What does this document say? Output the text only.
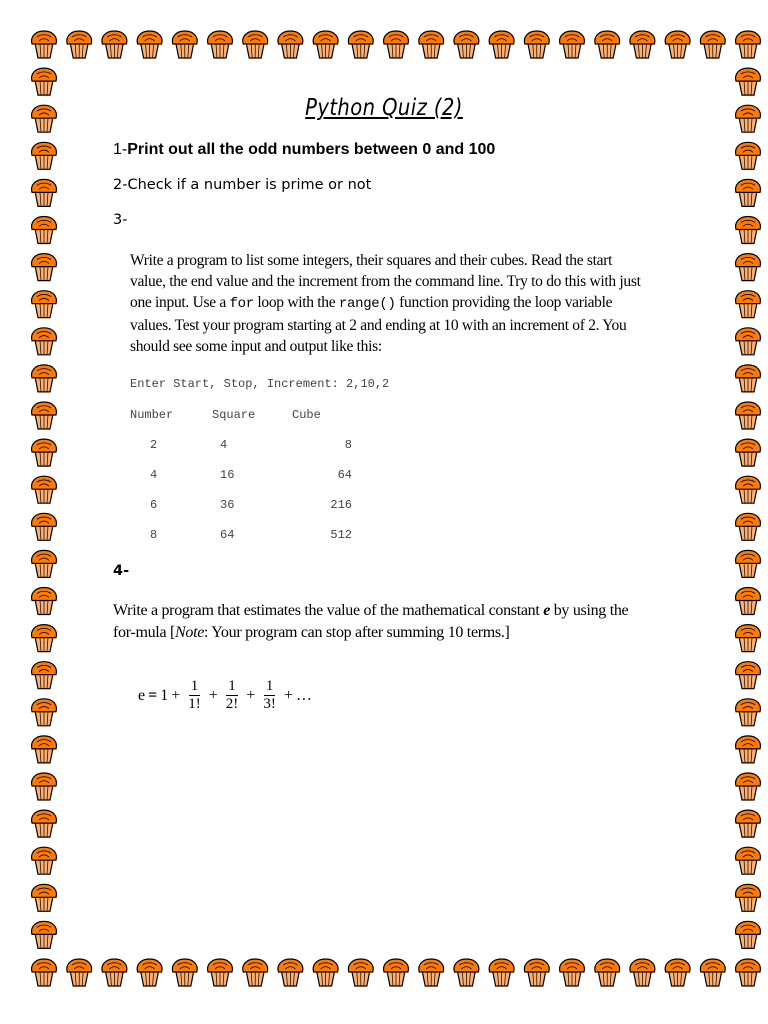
Python Quiz (2)
1-Print out all the odd numbers between 0 and 100
2-Check if a number is prime or not
3-
Write a program to list some integers, their squares and their cubes. Read the start value, the end value and the increment from the command line. Try to do this with just one input. Use a for loop with the range() function providing the loop variable values. Test your program starting at 2 and ending at 10 with an increment of 2. You should see some input and output like this:
Enter Start, Stop, Increment: 2,10,2
Number	Square	Cube
2	4	8
4	16	64
6	36	216
8	64	512
4-
Write a program that estimates the value of the mathematical constant e by using the for-mula [Note: Your program can stop after summing 10 terms.]
$e = 1 + \frac{1}{1!} + \frac{1}{2!} + \frac{1}{3!}$ + …
